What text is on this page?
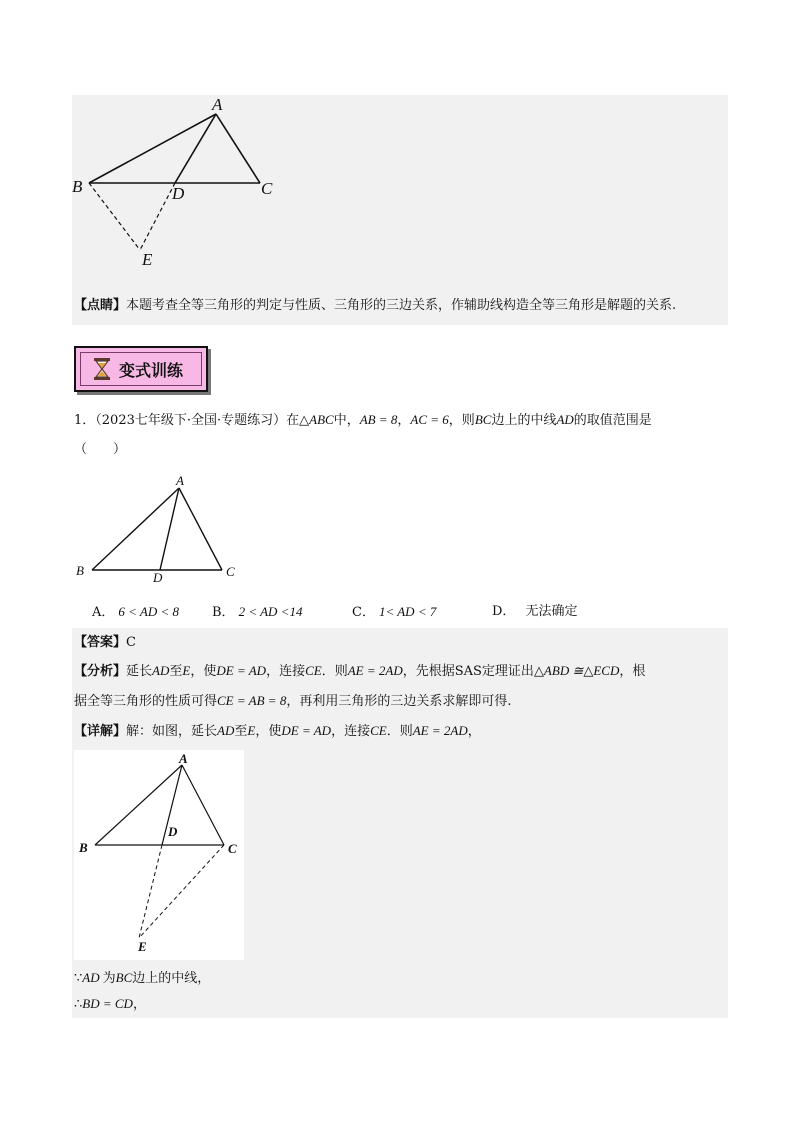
A
B	C
D
E
【点睛】本题考查全等三角形的判定与性质、三角形的三边关系，作辅助线构造全等三角形是解题的关系.
变式训练
1．（2023七年级下·全国·专题练习）在△ABC中，AB = 8，AC = 6，则BC边上的中线AD的取值范围是
（　　）
A
B	C
D
A． 6 < AD < 8	B． 2 < AD <14	C． 1< AD < 7	D． 无法确定
【答案】C
【分析】延长AD至E，使DE = AD，连接CE．则AE = 2AD，先根据SAS定理证出△ABD ≅△ECD，根
据全等三角形的性质可得CE = AB = 8，再利用三角形的三边关系求解即可得.
【详解】解：如图，延长AD至E，使DE = AD，连接CE．则AE = 2AD，
A
B	C
D
E
∵AD 为BC边上的中线，
∴BD = CD，
